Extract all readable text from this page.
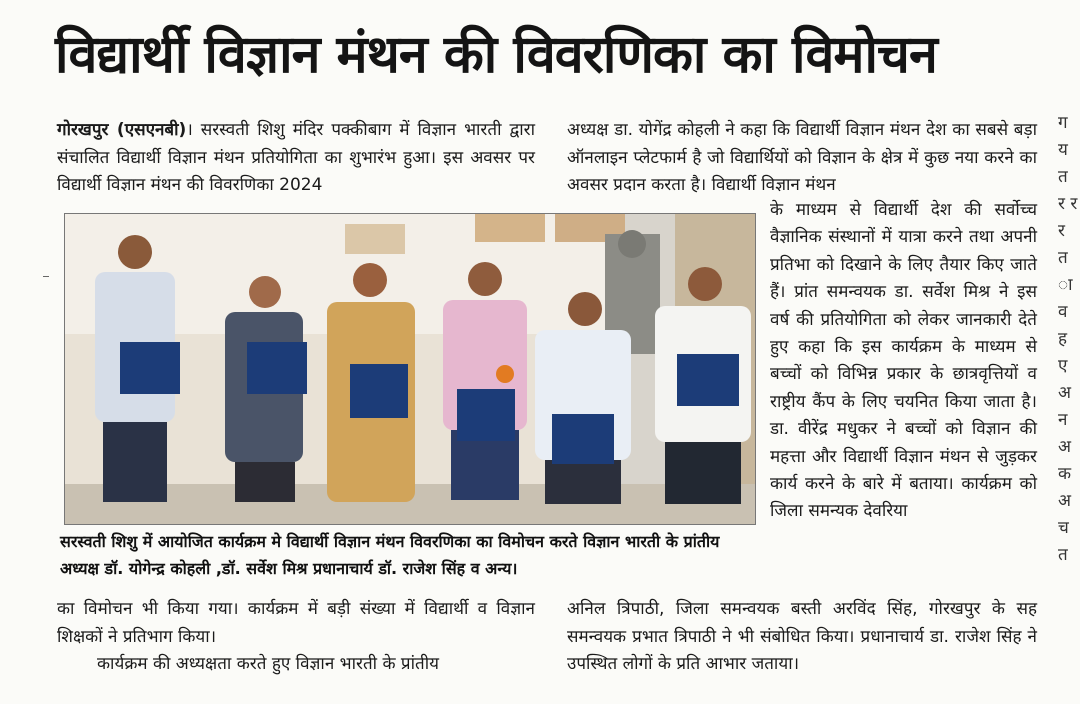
विद्यार्थी विज्ञान मंथन की विवरणिका का विमोचन

गोरखपुर (एसएनबी)। सरस्वती शिशु मंदिर पक्कीबाग में विज्ञान भारती द्वारा संचालित विद्यार्थी विज्ञान मंथन प्रतियोगिता का शुभारंभ हुआ। इस अवसर पर विद्यार्थी विज्ञान मंथन की विवरणिका 2024

अध्यक्ष डा. योगेंद्र कोहली ने कहा कि विद्यार्थी विज्ञान मंथन देश का सबसे बड़ा ऑनलाइन प्लेटफार्म है जो विद्यार्थियों को विज्ञान के क्षेत्र में कुछ नया करने का अवसर प्रदान करता है। विद्यार्थी विज्ञान मंथन

के माध्यम से विद्यार्थी देश की सर्वोच्च वैज्ञानिक संस्थानों में यात्रा करने तथा अपनी प्रतिभा को दिखाने के लिए तैयार किए जाते हैं। प्रांत समन्वयक डा. सर्वेश मिश्र ने इस वर्ष की प्रतियोगिता को लेकर जानकारी देते हुए कहा कि इस कार्यक्रम के माध्यम से बच्चों को विभिन्न प्रकार के छात्रवृत्तियों व राष्ट्रीय कैंप के लिए चयनित किया जाता है। डा. वीरेंद्र मधुकर ने बच्चों को विज्ञान की महत्ता और विद्यार्थी विज्ञान मंथन से जुड़कर कार्य करने के बारे में बताया। कार्यक्रम को जिला समन्यक देवरिया

सरस्वती शिशु में आयोजित कार्यक्रम मे विद्यार्थी विज्ञान मंथन विवरणिका का विमोचन करते विज्ञान भारती के प्रांतीय अध्यक्ष डॉ. योगेन्द्र कोहली ,डॉ. सर्वेश मिश्र प्रधानाचार्य डॉ. राजेश सिंह व अन्य।

का विमोचन भी किया गया। कार्यक्रम में बड़ी संख्या में विद्यार्थी व विज्ञान शिक्षकों ने प्रतिभाग किया।

कार्यक्रम की अध्यक्षता करते हुए विज्ञान भारती के प्रांतीय

अनिल त्रिपाठी, जिला समन्वयक बस्ती अरविंद सिंह, गोरखपुर के सह समन्वयक प्रभात त्रिपाठी ने भी संबोधित किया। प्रधानाचार्य डा. राजेश सिंह ने उपस्थित लोगों के प्रति आभार जताया।

ग य त र र र त ा व ह ए अ न अ क अ च त
